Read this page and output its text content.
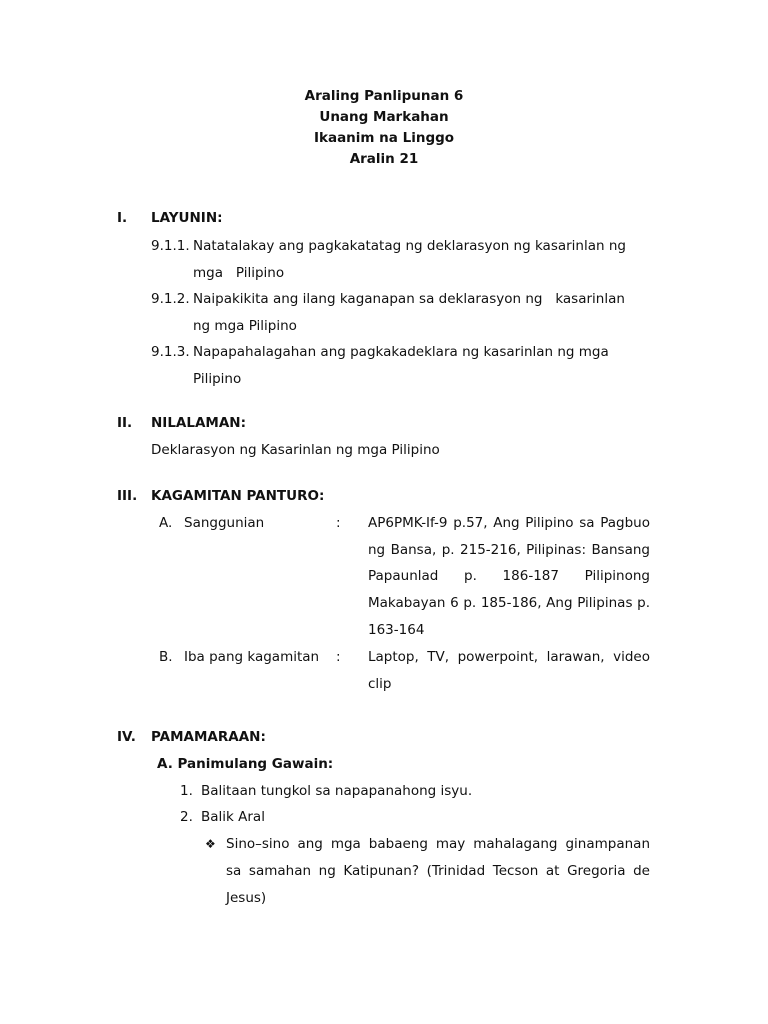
Araling Panlipunan 6
Unang Markahan
Ikaanim na Linggo
Aralin 21
I. LAYUNIN:
9.1.1. Natatalakay ang pagkakatatag ng deklarasyon ng kasarinlan ng
mga   Pilipino
9.1.2. Naipakikita ang ilang kaganapan sa deklarasyon ng   kasarinlan
ng mga Pilipino
9.1.3. Napapahalagahan ang pagkakadeklara ng kasarinlan ng mga
Pilipino
II. NILALAMAN:
Deklarasyon ng Kasarinlan ng mga Pilipino
III. KAGAMITAN PANTURO:
A. Sanggunian	: AP6PMK-If-9 p.57, Ang Pilipino sa Pagbuo
ng Bansa, p. 215-216, Pilipinas: Bansang
Papaunlad p. 186-187 Pilipinong
Makabayan 6 p. 185-186, Ang Pilipinas p.
163-164
B. Iba pang kagamitan : Laptop, TV, powerpoint, larawan, video
clip
IV. PAMAMARAAN:
A. Panimulang Gawain:
1. Balitaan tungkol sa napapanahong isyu.
2. Balik Aral
❖ Sino–sino ang mga babaeng may mahalagang ginampanan
sa samahan ng Katipunan? (Trinidad Tecson at Gregoria de
Jesus)
